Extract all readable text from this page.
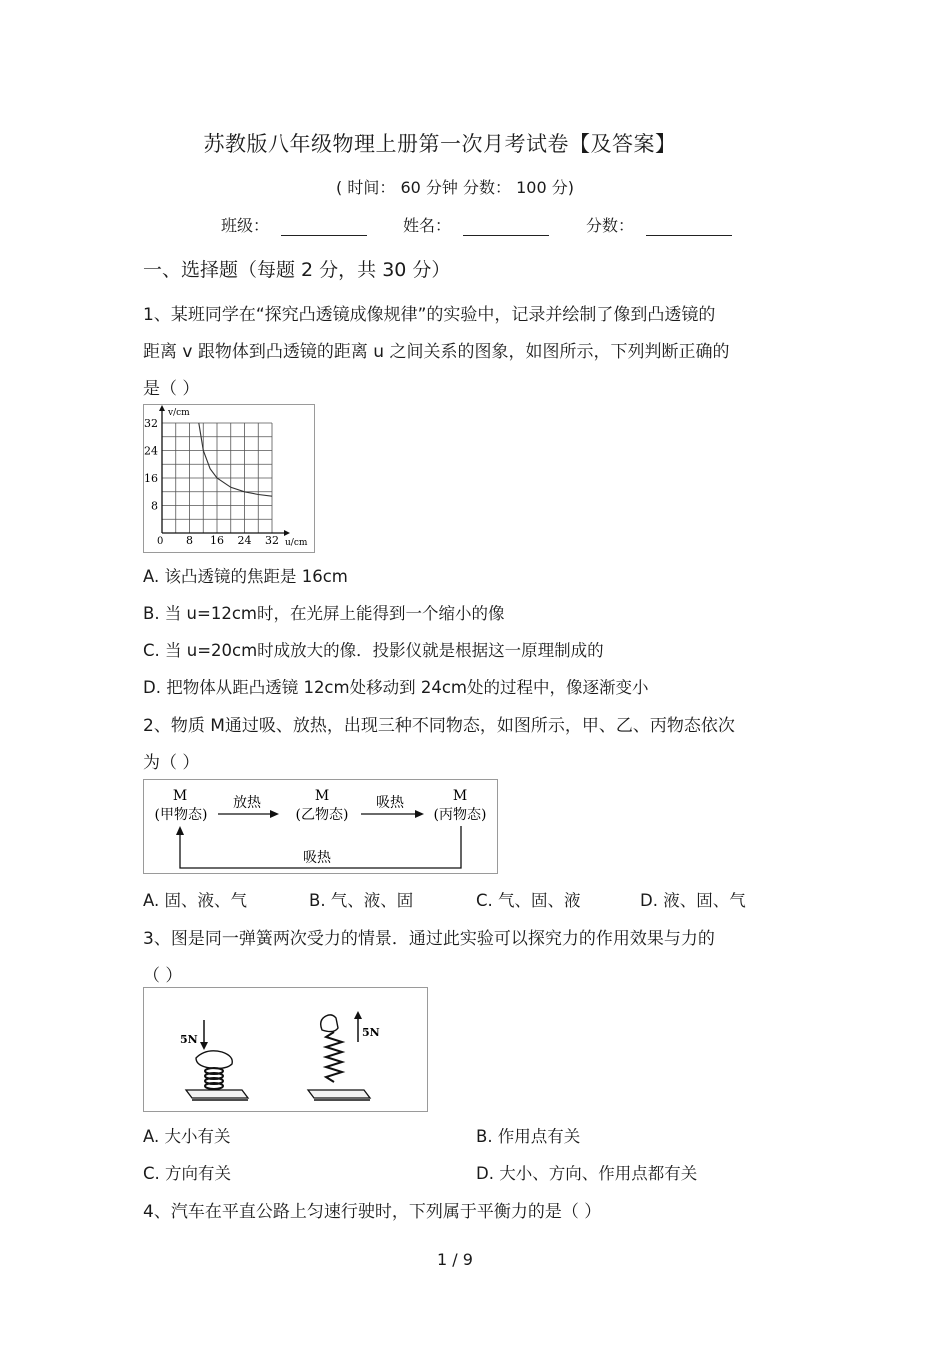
苏教版八年级物理上册第一次月考试卷【及答案】
( 时间： 60 分钟 分数： 100 分)
班级：	姓名：	分数：
一、选择题（每题 2 分，共 30 分）
1、某班同学在“探究凸透镜成像规律”的实验中，记录并绘制了像到凸透镜的
距离 v 跟物体到凸透镜的距离 u 之间关系的图象，如图所示，下列判断正确的
是（ ）
v/cm
u/cm
0 8 16 24 32
8
16
24
32
A. 该凸透镜的焦距是 16cm
B. 当 u=12cm时，在光屏上能得到一个缩小的像
C. 当 u=20cm时成放大的像．投影仪就是根据这一原理制成的
D. 把物体从距凸透镜 12cm处移动到 24cm处的过程中，像逐渐变小
2、物质 M通过吸、放热，出现三种不同物态，如图所示，甲、乙、丙物态依次
为（ ）
M
(甲物态)
M
(乙物态)
M
(丙物态)
放热	吸热
吸热
A. 固、液、气	B. 气、液、固	C. 气、固、液	D. 液、固、气
3、图是同一弹簧两次受力的情景．通过此实验可以探究力的作用效果与力的
（ ）
5N
5N
A. 大小有关	B. 作用点有关
C. 方向有关	D. 大小、方向、作用点都有关
4、汽车在平直公路上匀速行驶时，下列属于平衡力的是（ ）
1 / 9
